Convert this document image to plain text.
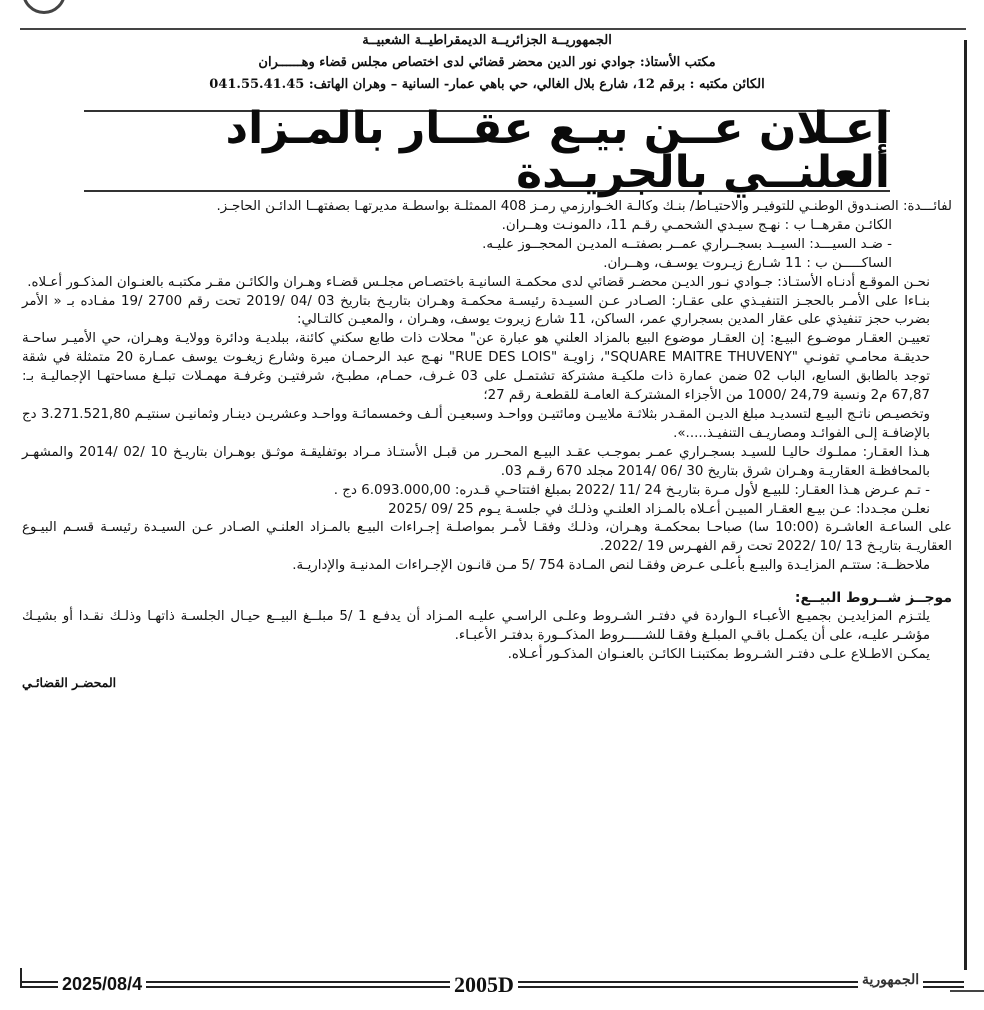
الجمهوريــة الجزائريــة الديمقراطيــة الشعبيــة
مكتب الأستاذ: جوادي نور الدين محضر قضائي لدى اختصاص مجلس قضاء وهــــــران
الكائن مكتبه : برقم 12، شارع بلال الغالي، حي باهي عمار- السانية – وهران الهاتف: 041.55.41.45
إعـلان عــن بيـع عقــار بالمـزاد العلنــي بالجريـدة

لفائـــدة: الصنـدوق الوطنـي للتوفيـر والاحتيـاط/ بنـك وكالـة الخـوارزمي رمـز 408 الممثلـة بواسطـة مديرتهـا بصفتهــا الدائـن الحاجـز.

الكائـن مقرهــا ب : نهـج سيـدي الشحمـي رقـم 11، دالمونـت وهــران.

- ضـد السيـــد: السيــد بسجــراري عمــر بصفتــه المديـن المحجــوز عليـه.

الساكـــــن ب : 11 شـارع زيـروت يوسـف، وهــران.

نحـن الموقـع أدنـاه الأستـاذ: جـوادي نـور الديـن محضـر قضائي لدى محكمـة السانيـة باختصـاص مجلـس قضـاء وهـران والكائـن مقـر مكتبـه بالعنـوان المذكـور أعـلاه.

بنـاءا على الأمـر بالحجـز التنفيـذي على عقـار: الصـادر عـن السيـدة رئيسـة محكمـة وهـران بتاريـخ بتاريخ 03 /04 /2019 تحت رقم 2700 /19 مفـاده بـ « الأمر بضرب حجز تنفيذي على عقار المدين بسجراري عمر، الساكن، 11 شارع زيروت يوسف، وهـران ، والمعيـن كالتـالي:

تعييـن العقـار موضـوع البيـع: إن العقـار موضوع البيع بالمزاد العلني هو عبارة عن" محلات ذات طابع سكني كائنة، ببلديـة ودائرة وولايـة وهـران، حي الأميـر ساحـة حديقـة محامـي تفونـي "SQUARE MAITRE THUVENY"، زاويـة "RUE DES LOIS" نهـج عبد الرحمـان ميرة وشارع زيغـوت يوسف عمـارة 20 متمثلة في شقة توجد بالطابق السابع، الباب 02 ضمن عمارة ذات ملكيـة مشتركة تشتمـل على 03 غـرف، حمـام، مطبـخ، شرفتيـن وغرفـة مهمـلات تبلـغ مساحتهـا الإجماليـة بـ: 67,87 م2 ونسبة 24,79 /1000 من الأجزاء المشتركـة العامـة للقطعـة رقم 27؛

وتخصيـص ناتـج البيـع لتسديـد مبلغ الديـن المقـدر بثلاثـة ملاييـن ومائتيـن وواحـد وسبعيـن ألـف وخمسمائـة وواحـد وعشريـن دينـار وثمانيـن سنتيـم 3.271.521,80 دج بالإضافـة إلـى الفوائـد ومصاريـف التنفيـذ.....».

هـذا العقـار: مملـوك حاليـا للسيـد بسجـراري عمـر بموجـب عقـد البيـع المحـرر من قبـل الأستـاذ مـراد بوتفليقـة موثـق بوهـران بتاريـخ 10 /02 /2014 والمشهـر بالمحافظـة العقاريـة وهـران شرق بتاريخ 30 /06 /2014 مجلد 670 رقـم 03.

- تـم عـرض هـذا العقـار: للبيـع لأول مـرة بتاريـخ 24 /11 /2022 بمبلغ افتتاحـي قـدره: 6.093.000,00 دج .

نعلـن مجـددا: عـن بيـع العقـار المبيـن أعـلاه بالمـزاد العلنـي وذلـك في جلسـة يـوم 25 /09 /2025

على الساعـة العاشـرة (10:00 سا) صباحـا بمحكمـة وهـران، وذلـك وفقـا لأمـر بمواصلـة إجـراءات البيـع بالمـزاد العلنـي الصـادر عـن السيـدة رئيسـة قسـم البيـوع العقاريـة بتاريـخ 13 /10 /2022 تحت رقم الفهـرس 19 /2022.

ملاحظــة: ستتـم المزايـدة والبيـع بأعلـى عـرض وفقـا لنص المـادة 754 /5 مـن قانـون الإجـراءات المدنيـة والإداريـة.

موجــز شــروط البيــع:

يلتـزم المزايديـن بجميـع الأعبـاء الـواردة في دفتـر الشـروط وعلـى الراسـي عليـه المـزاد أن يدفـع 1 /5 مبلــغ البيــع حيـال الجلسـة ذاتهـا وذلـك نقـدا أو بشيـك مؤشـر عليـه، على أن يكمـل باقـي المبلـغ وفقـا للشـــــروط المذكــورة بدفتـر الأعبـاء.

يمكـن الاطـلاع علـى دفتـر الشـروط بمكتبنـا الكائـن بالعنـوان المذكـور أعـلاه.

المحضـر القضائـي
2025/08/4	2005D	الجمهورية
